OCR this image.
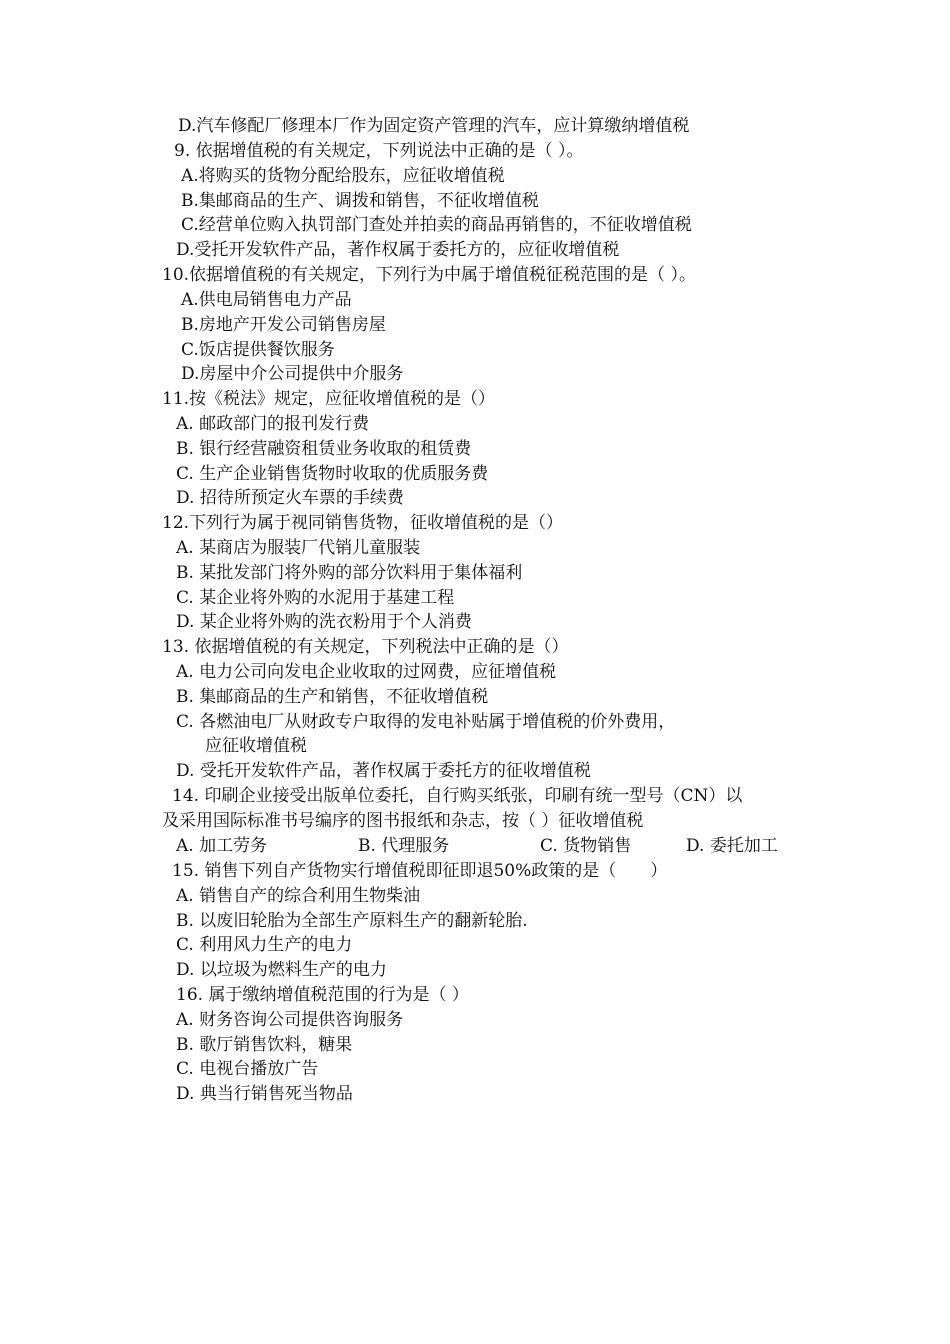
D.汽车修配厂修理本厂作为固定资产管理的汽车，应计算缴纳增值税
9. 依据增值税的有关规定，下列说法中正确的是（ ）。
A.将购买的货物分配给股东，应征收增值税
B.集邮商品的生产、调拨和销售，不征收增值税
C.经营单位购入执罚部门查处并拍卖的商品再销售的，不征收增值税
D.受托开发软件产品，著作权属于委托方的，应征收增值税
10.依据增值税的有关规定，下列行为中属于增值税征税范围的是（ ）。
A.供电局销售电力产品
B.房地产开发公司销售房屋
C.饭店提供餐饮服务
D.房屋中介公司提供中介服务
11.按《税法》规定，应征收增值税的是（）
A. 邮政部门的报刊发行费
B. 银行经营融资租赁业务收取的租赁费
C. 生产企业销售货物时收取的优质服务费
D. 招待所预定火车票的手续费
12.下列行为属于视同销售货物，征收增值税的是（）
A. 某商店为服装厂代销儿童服装
B. 某批发部门将外购的部分饮料用于集体福利
C. 某企业将外购的水泥用于基建工程
D. 某企业将外购的洗衣粉用于个人消费
13. 依据增值税的有关规定，下列税法中正确的是（）
A. 电力公司向发电企业收取的过网费，应征增值税
B. 集邮商品的生产和销售，不征收增值税
C. 各燃油电厂从财政专户取得的发电补贴属于增值税的价外费用，
应征收增值税
D. 受托开发软件产品，著作权属于委托方的征收增值税
14. 印刷企业接受出版单位委托，自行购买纸张，印刷有统一型号（CN）以
及采用国际标准书号编序的图书报纸和杂志，按（ ）征收增值税
A. 加工劳务	B. 代理服务	C. 货物销售	D. 委托加工
15. 销售下列自产货物实行增值税即征即退50%政策的是（　　）
A. 销售自产的综合利用生物柴油
B. 以废旧轮胎为全部生产原料生产的翻新轮胎.
C. 利用风力生产的电力
D. 以垃圾为燃料生产的电力
16. 属于缴纳增值税范围的行为是（ ）
A. 财务咨询公司提供咨询服务
B. 歌厅销售饮料，糖果
C. 电视台播放广告
D. 典当行销售死当物品
